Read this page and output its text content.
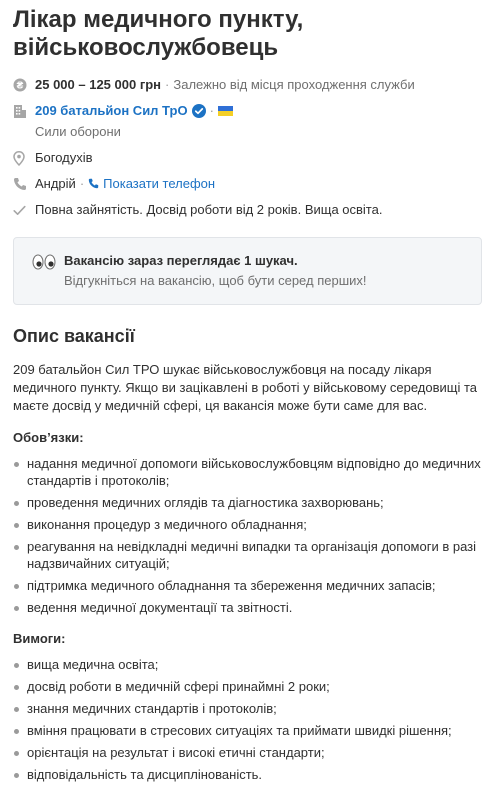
Лікар медичного пункту, військовослужбовець
₴ 25 000 – 125 000 грн · Залежно від місця проходження служби
209 батальйон Сил ТрО ·
Сили оборони
Богодухів
Андрій · Показати телефон
Повна зайнятість. Досвід роботи від 2 років. Вища освіта.
Вакансію зараз переглядає 1 шукач.
Відгукніться на вакансію, щоб бути серед перших!
Опис вакансії
209 батальйон Сил ТРО шукає військовослужбовця на посаду лікаря медичного пункту. Якщо ви зацікавлені в роботі у військовому середовищі та маєте досвід у медичній сфері, ця вакансія може бути саме для вас.
Обов’язки:
надання медичної допомоги військовослужбовцям відповідно до медичних стандартів і протоколів;
проведення медичних оглядів та діагностика захворювань;
виконання процедур з медичного обладнання;
реагування на невідкладні медичні випадки та організація допомоги в разі надзвичайних ситуацій;
підтримка медичного обладнання та збереження медичних запасів;
ведення медичної документації та звітності.
Вимоги:
вища медична освіта;
досвід роботи в медичній сфері принаймні 2 роки;
знання медичних стандартів і протоколів;
вміння працювати в стресових ситуаціях та приймати швидкі рішення;
орієнтація на результат і високі етичні стандарти;
відповідальність та дисциплінованість.
